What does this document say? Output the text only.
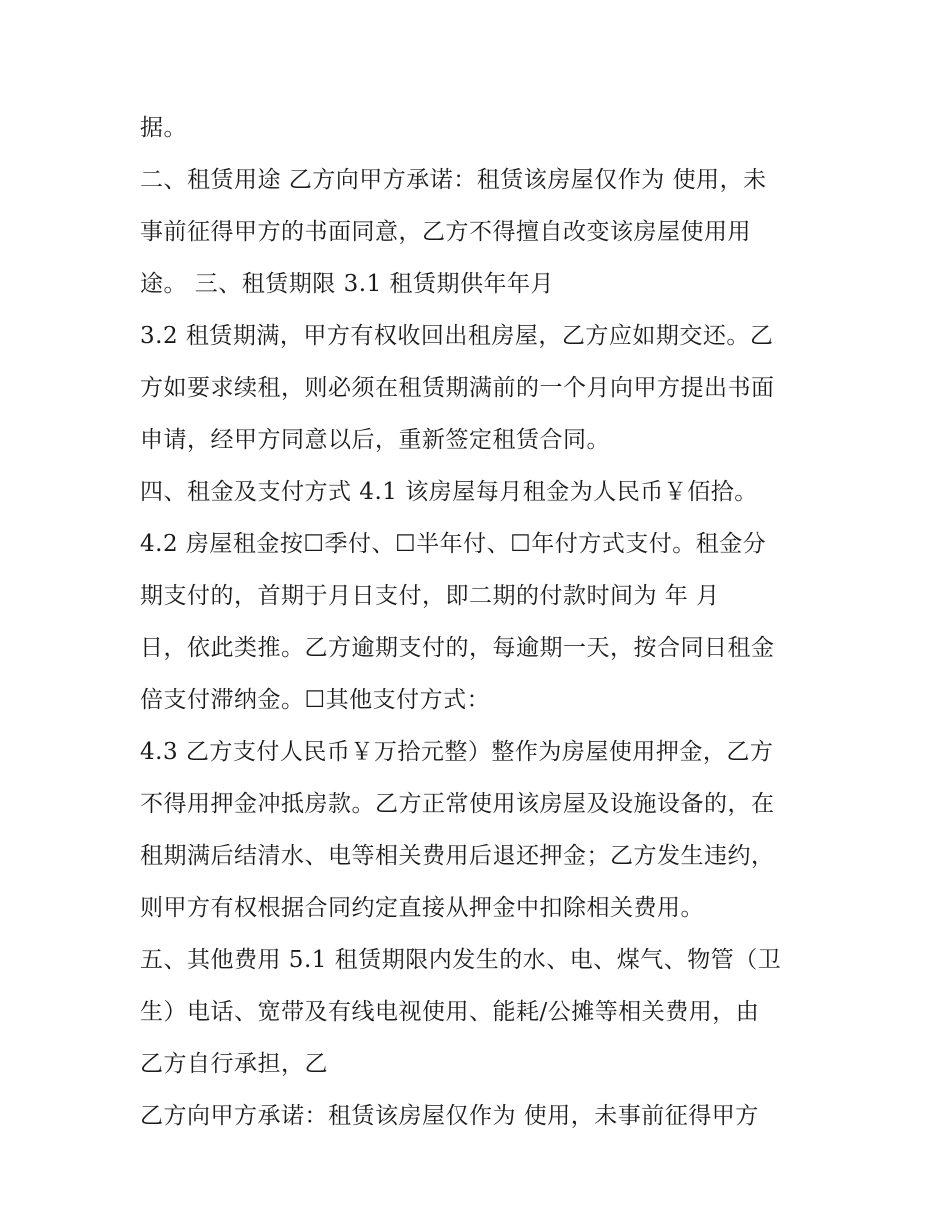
据。
二、租赁用途 乙方向甲方承诺：租赁该房屋仅作为 使用，未
事前征得甲方的书面同意，乙方不得擅自改变该房屋使用用
途。 三、租赁期限 3.1 租赁期供年年月
3.2 租赁期满，甲方有权收回出租房屋，乙方应如期交还。乙
方如要求续租，则必须在租赁期满前的一个月向甲方提出书面
申请，经甲方同意以后，重新签定租赁合同。
四、租金及支付方式 4.1 该房屋每月租金为人民币￥佰拾。
4.2 房屋租金按☐季付、☐半年付、☐年付方式支付。租金分
期支付的，首期于月日支付，即二期的付款时间为 年 月
日，依此类推。乙方逾期支付的，每逾期一天，按合同日租金
倍支付滞纳金。☐其他支付方式：
4.3 乙方支付人民币￥万拾元整）整作为房屋使用押金，乙方
不得用押金冲抵房款。乙方正常使用该房屋及设施设备的，在
租期满后结清水、电等相关费用后退还押金；乙方发生违约，
则甲方有权根据合同约定直接从押金中扣除相关费用。
五、其他费用 5.1 租赁期限内发生的水、电、煤气、物管（卫
生）电话、宽带及有线电视使用、能耗/公摊等相关费用，由
乙方自行承担，乙
乙方向甲方承诺：租赁该房屋仅作为 使用，未事前征得甲方
